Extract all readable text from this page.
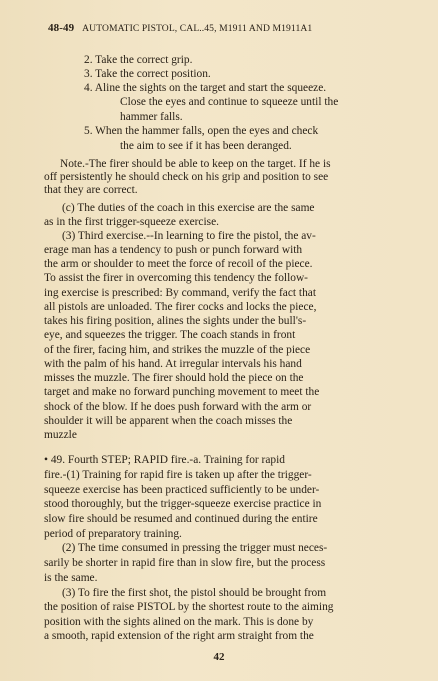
48-49 AUTOMATIC PISTOL, CAL..45, M1911 AND M1911A1
2. Take the correct grip.
3. Take the correct position.
4. Aline the sights on the target and start the squeeze.
Close the eyes and continue to squeeze until the
hammer falls.
5. When the hammer falls, open the eyes and check
the aim to see if it has been deranged.
Note.-The firer should be able to keep on the target. If he is
off persistently he should check on his grip and position to see
that they are correct.
(c) The duties of the coach in this exercise are the same
as in the first trigger-squeeze exercise.
(3) Third exercise.--In learning to fire the pistol, the av-
erage man has a tendency to push or punch forward with
the arm or shoulder to meet the force of recoil of the piece.
To assist the firer in overcoming this tendency the follow-
ing exercise is prescribed: By command, verify the fact that
all pistols are unloaded. The firer cocks and locks the piece,
takes his firing position, alines the sights under the bull's-
eye, and squeezes the trigger. The coach stands in front
of the firer, facing him, and strikes the muzzle of the piece
with the palm of his hand. At irregular intervals his hand
misses the muzzle. The firer should hold the piece on the
target and make no forward punching movement to meet the
shock of the blow. If he does push forward with the arm or
shoulder it will be apparent when the coach misses the
muzzle
• 49. Fourth STEP; RAPID fire.-a. Training for rapid
fire.-(1) Training for rapid fire is taken up after the trigger-
squeeze exercise has been practiced sufficiently to be under-
stood thoroughly, but the trigger-squeeze exercise practice in
slow fire should be resumed and continued during the entire
period of preparatory training.
(2) The time consumed in pressing the trigger must neces-
sarily be shorter in rapid fire than in slow fire, but the process
is the same.
(3) To fire the first shot, the pistol should be brought from
the position of raise PISTOL by the shortest route to the aiming
position with the sights alined on the mark. This is done by
a smooth, rapid extension of the right arm straight from the
42
